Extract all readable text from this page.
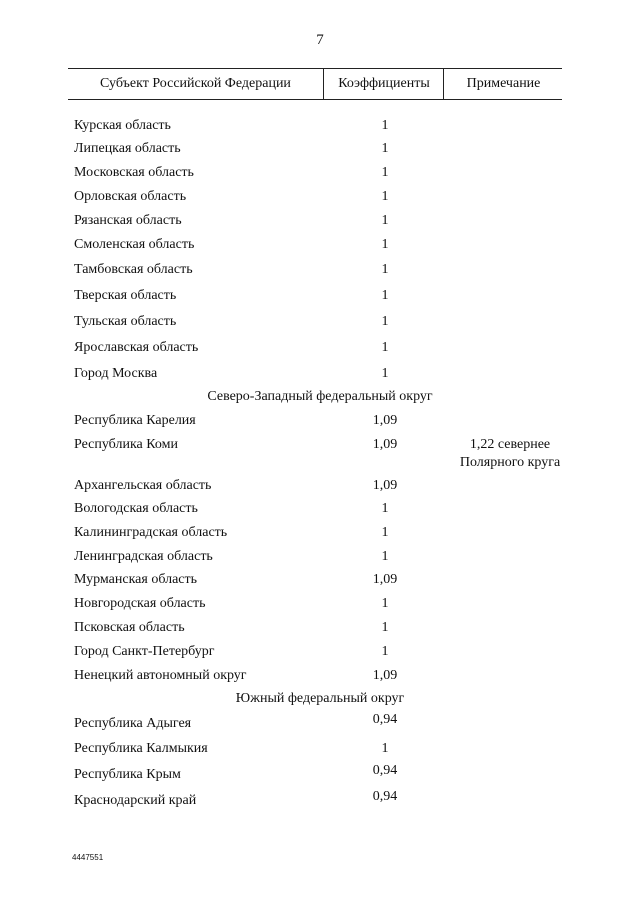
7
Субъект Российской Федерации	Коэффициенты	Примечание
Курская область	1
Липецкая область	1
Московская область	1
Орловская область	1
Рязанская область	1
Смоленская область	1
Тамбовская область	1
Тверская область	1
Тульская область	1
Ярославская область	1
Город Москва	1
Северо-Западный федеральный округ
Республика Карелия	1,09
Республика Коми	1,09	1,22 севернее
Полярного круга
Архангельская область	1,09
Вологодская область	1
Калининградская область	1
Ленинградская область	1
Мурманская область	1,09
Новгородская область	1
Псковская область	1
Город Санкт-Петербург	1
Ненецкий автономный округ	1,09
Южный федеральный округ
Республика Адыгея	0,94
Республика Калмыкия	1
Республика Крым	0,94
Краснодарский край	0,94
4447551
